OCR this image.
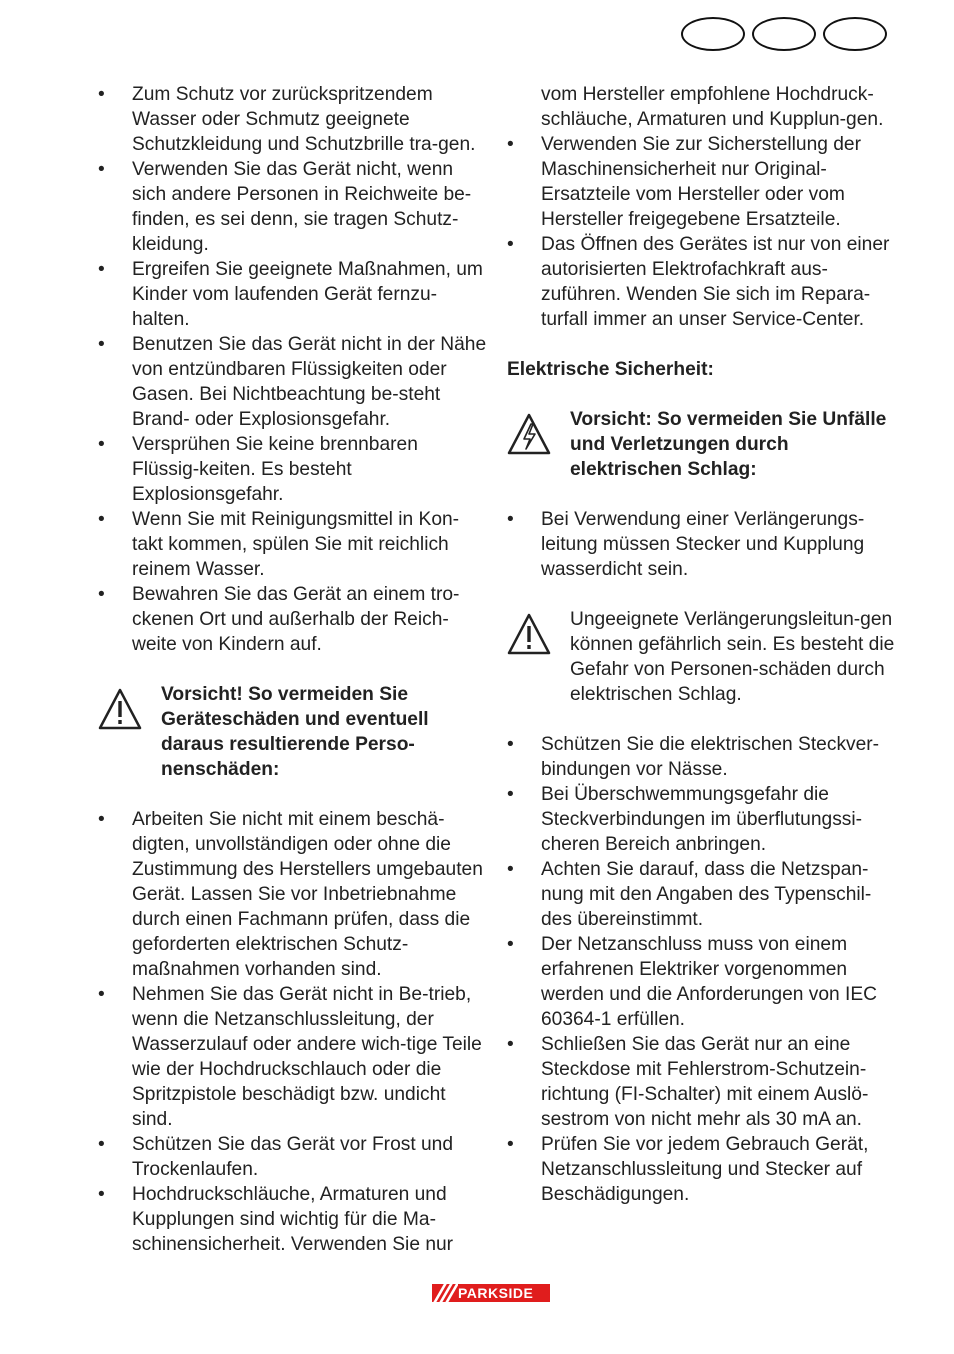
• Zum Schutz vor zurückspritzendem Wasser oder Schmutz geeignete Schutzkleidung und Schutzbrille tra-gen.
• Verwenden Sie das Gerät nicht, wenn sich andere Personen in Reichweite be-finden, es sei denn, sie tragen Schutz-kleidung.
• Ergreifen Sie geeignete Maßnahmen, um Kinder vom laufenden Gerät fernzu-halten.
• Benutzen Sie das Gerät nicht in der Nähe von entzündbaren Flüssigkeiten oder Gasen. Bei Nichtbeachtung be-steht Brand- oder Explosionsgefahr.
• Versprühen Sie keine brennbaren Flüssig-keiten. Es besteht Explosionsgefahr.
• Wenn Sie mit Reinigungsmittel in Kon-takt kommen, spülen Sie mit reichlich reinem Wasser.
• Bewahren Sie das Gerät an einem tro-ckenen Ort und außerhalb der Reich-weite von Kindern auf.
Vorsicht! So vermeiden Sie Geräteschäden und eventuell daraus resultierende Perso-nenschäden:
• Arbeiten Sie nicht mit einem beschä-digten, unvollständigen oder ohne die Zustimmung des Herstellers umgebauten Gerät. Lassen Sie vor Inbetriebnahme durch einen Fachmann prüfen, dass die geforderten elektrischen Schutz-maßnahmen vorhanden sind.
• Nehmen Sie das Gerät nicht in Be-trieb, wenn die Netzanschlussleitung, der Wasserzulauf oder andere wich-tige Teile wie der Hochdruckschlauch oder die Spritzpistole beschädigt bzw. undicht sind.
• Schützen Sie das Gerät vor Frost und Trockenlaufen.
• Hochdruckschläuche, Armaturen und Kupplungen sind wichtig für die Ma-schinensicherheit. Verwenden Sie nur

vom Hersteller empfohlene Hochdruck-schläuche, Armaturen und Kupplun-gen.

• Verwenden Sie zur Sicherstellung der Maschinensicherheit nur Original-Ersatzteile vom Hersteller oder vom Hersteller freigegebene Ersatzteile.
• Das Öffnen des Gerätes ist nur von einer autorisierten Elektrofachkraft aus-zuführen. Wenden Sie sich im Repara-turfall immer an unser Service-Center.

Elektrische Sicherheit:

Vorsicht: So vermeiden Sie Unfälle und Verletzungen durch elektrischen Schlag:
• Bei Verwendung einer Verlängerungs-leitung müssen Stecker und Kupplung wasserdicht sein.
Ungeeignete Verlängerungsleitun-gen können gefährlich sein. Es besteht die Gefahr von Personen-schäden durch elektrischen Schlag.
• Schützen Sie die elektrischen Steckver-bindungen vor Nässe.
• Bei Überschwemmungsgefahr die Steckverbindungen im überflutungssi-cheren Bereich anbringen.
• Achten Sie darauf, dass die Netzspan-nung mit den Angaben des Typenschil-des übereinstimmt.
• Der Netzanschluss muss von einem erfahrenen Elektriker vorgenommen werden und die Anforderungen von IEC 60364-1 erfüllen.
• Schließen Sie das Gerät nur an eine Steckdose mit Fehlerstrom-Schutzein-richtung (FI-Schalter) mit einem Auslö-sestrom von nicht mehr als 30 mA an.
• Prüfen Sie vor jedem Gebrauch Gerät, Netzanschlussleitung und Stecker auf Beschädigungen.
PARKSIDE
